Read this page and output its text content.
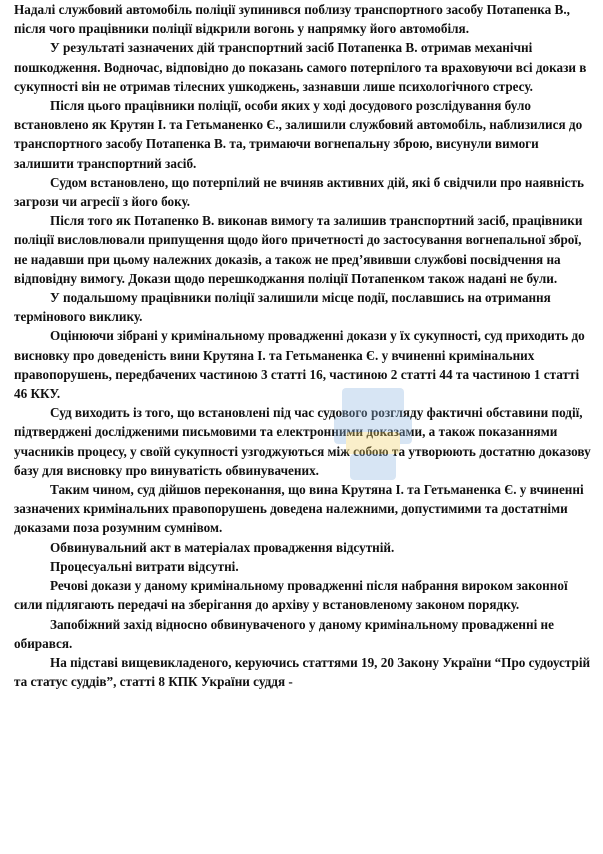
Надалі службовий автомобіль поліції зупинився поблизу транспортного засобу Потапенка В., після чого працівники поліції відкрили вогонь у напрямку його автомобіля.

У результаті зазначених дій транспортний засіб Потапенка В. отримав механічні пошкодження. Водночас, відповідно до показань самого потерпілого та враховуючи всі докази в сукупності він не отримав тілесних ушкоджень, зазнавши лише психологічного стресу.

Після цього працівники поліції, особи яких у ході досудового розслідування було встановлено як Крутян І. та Гетьманенко Є., залишили службовий автомобіль, наблизилися до транспортного засобу Потапенка В. та, тримаючи вогнепальну зброю, висунули вимоги залишити транспортний засіб.

Судом встановлено, що потерпілий не вчиняв активних дій, які б свідчили про наявність загрози чи агресії з його боку.

Після того як Потапенко В. виконав вимогу та залишив транспортний засіб, працівники поліції висловлювали припущення щодо його причетності до застосування вогнепальної зброї, не надавши при цьому належних доказів, а також не пред’явивши службові посвідчення на відповідну вимогу. Докази щодо перешкоджання поліції Потапенком також надані не були.

У подальшому працівники поліції залишили місце події, пославшись на отримання термінового виклику.

Оцінюючи зібрані у кримінальному провадженні докази у їх сукупності, суд приходить до висновку про доведеність вини Крутяна І. та Гетьманенка Є. у вчиненні кримінальних правопорушень, передбачених частиною 3 статті 16, частиною 2 статті 44 та частиною 1 статті 46 ККУ.

Суд виходить із того, що встановлені під час судового розгляду фактичні обставини події, підтверджені дослідженими письмовими та електронними доказами, а також показаннями учасників процесу, у своїй сукупності узгоджуються між собою та утворюють достатню доказову базу для висновку про винуватість обвинувачених.

Таким чином, суд дійшов переконання, що вина Крутяна І. та Гетьманенка Є. у вчиненні зазначених кримінальних правопорушень доведена належними, допустимими та достатніми доказами поза розумним сумнівом.

Обвинувальний акт в матеріалах провадження відсутній.

Процесуальні витрати відсутні.

Речові докази у даному кримінальному провадженні після набрання вироком законної сили підлягають передачі на зберігання до архіву у встановленому законом порядку.

Запобіжний захід відносно обвинуваченого у даному кримінальному провадженні не обирався.

На підставі вищевикладеного, керуючись статтями 19, 20 Закону України “Про судоустрій та статус суддів”, статті 8 КПК України суддя -
